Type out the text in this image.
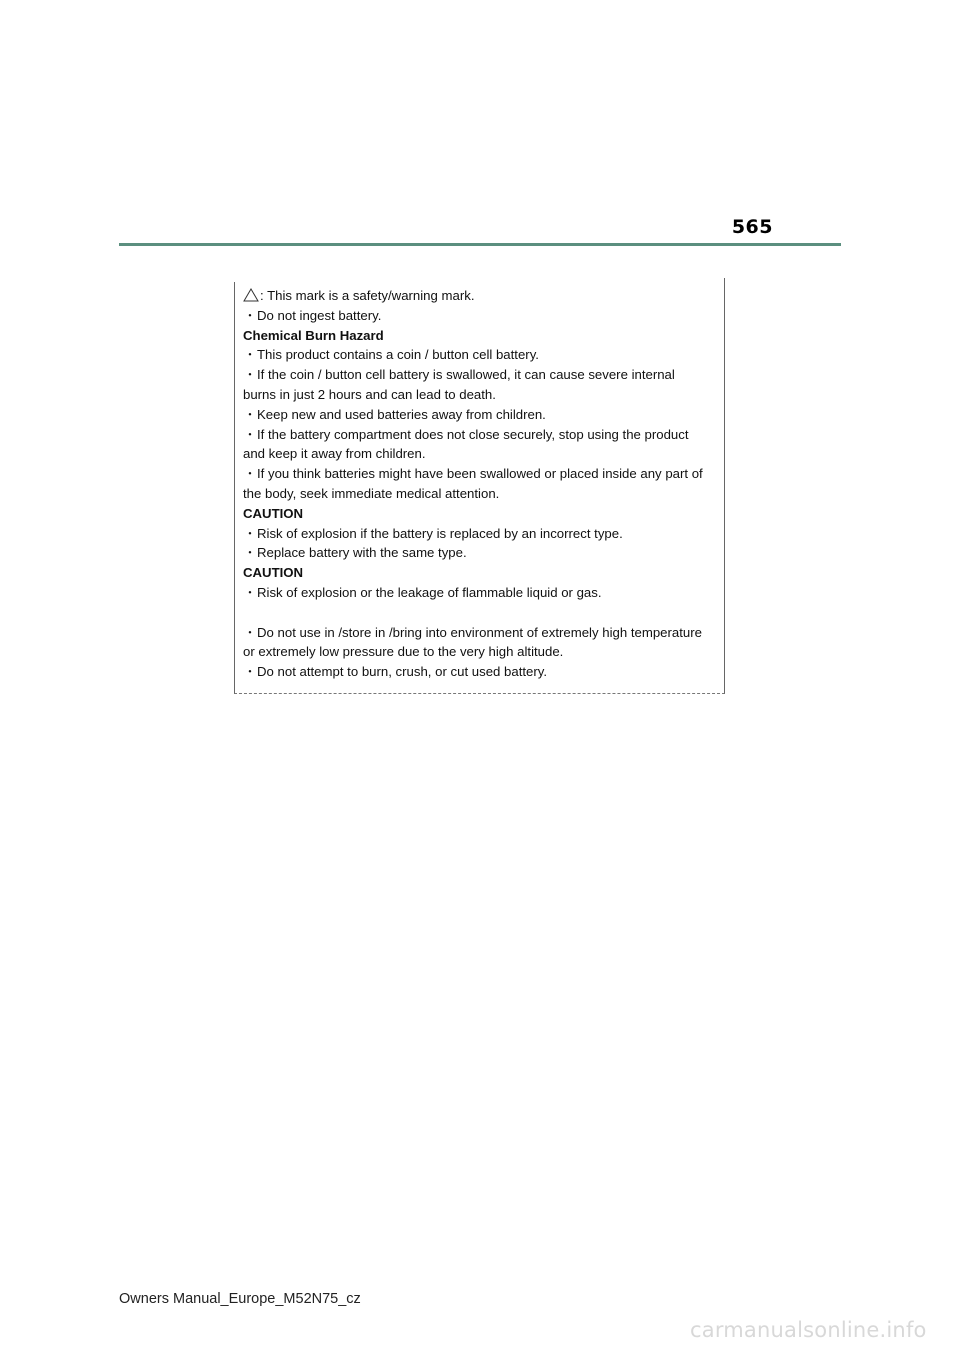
565
: This mark is a safety/warning mark.
・Do not ingest battery.
Chemical Burn Hazard
・This product contains a coin / button cell battery.
・If the coin / button cell battery is swallowed, it can cause severe internal
burns in just 2 hours and can lead to death.
・Keep new and used batteries away from children.
・If the battery compartment does not close securely, stop using the product
and keep it away from children.
・If you think batteries might have been swallowed or placed inside any part of
the body, seek immediate medical attention.
CAUTION
・Risk of explosion if the battery is replaced by an incorrect type.
・Replace battery with the same type.
CAUTION
・Risk of explosion or the leakage of flammable liquid or gas.
・Do not use in /store in /bring into environment of extremely high temperature
or extremely low pressure due to the very high altitude.
・Do not attempt to burn, crush, or cut used battery.
Owners Manual_Europe_M52N75_cz
carmanualsonline.info
